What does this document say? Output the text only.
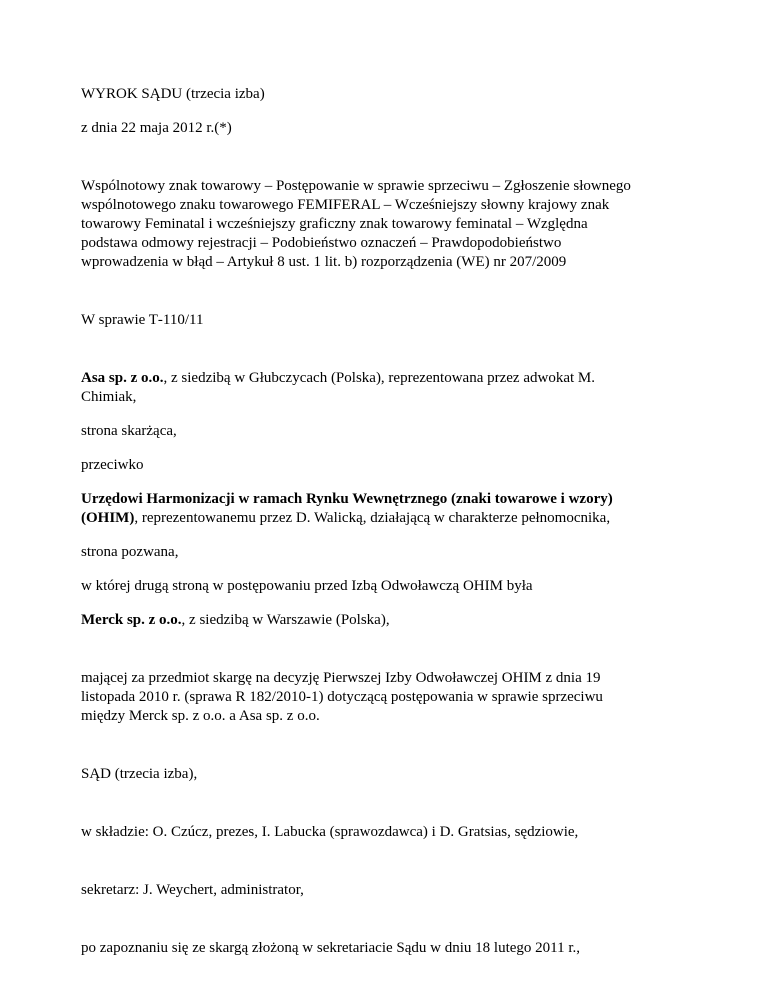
WYROK SĄDU (trzecia izba)

z dnia 22 maja 2012 r.(*)

Wspólnotowy znak towarowy – Postępowanie w sprawie sprzeciwu – Zgłoszenie słownego
wspólnotowego znaku towarowego FEMIFERAL – Wcześniejszy słowny krajowy znak
towarowy Feminatal i wcześniejszy graficzny znak towarowy feminatal – Względna
podstawa odmowy rejestracji – Podobieństwo oznaczeń – Prawdopodobieństwo
wprowadzenia w błąd – Artykuł 8 ust. 1 lit. b) rozporządzenia (WE) nr 207/2009

W sprawie T‑110/11

Asa sp. z o.o., z siedzibą w Głubczycach (Polska), reprezentowana przez adwokat M.
Chimiak,

strona skarżąca,

przeciwko

Urzędowi Harmonizacji w ramach Rynku Wewnętrznego (znaki towarowe i wzory)
(OHIM), reprezentowanemu przez D. Walicką, działającą w charakterze pełnomocnika,

strona pozwana,

w której drugą stroną w postępowaniu przed Izbą Odwoławczą OHIM była

Merck sp. z o.o., z siedzibą w Warszawie (Polska),

mającej za przedmiot skargę na decyzję Pierwszej Izby Odwoławczej OHIM z dnia 19
listopada 2010 r. (sprawa R 182/2010‑1) dotyczącą postępowania w sprawie sprzeciwu
między Merck sp. z o.o. a Asa sp. z o.o.

SĄD (trzecia izba),

w składzie: O. Czúcz, prezes, I. Labucka (sprawozdawca) i D. Gratsias, sędziowie,

sekretarz: J. Weychert, administrator,

po zapoznaniu się ze skargą złożoną w sekretariacie Sądu w dniu 18 lutego 2011 r.,
